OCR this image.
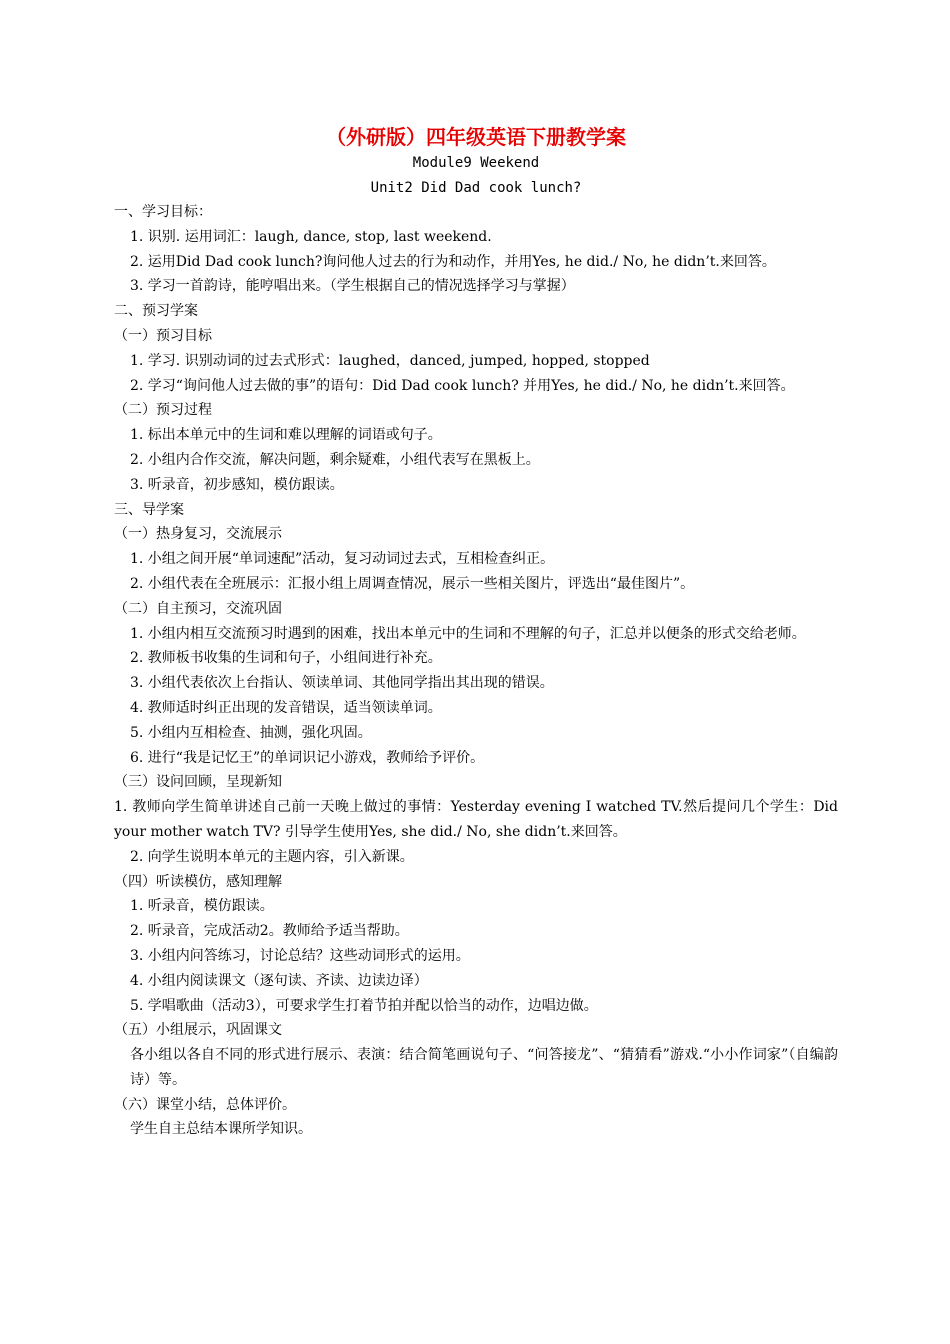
（外研版）四年级英语下册教学案

Module9 Weekend

Unit2 Did Dad cook lunch?

一、学习目标：

1. 识别. 运用词汇：laugh, dance, stop, last weekend.

2. 运用Did Dad cook lunch?询问他人过去的行为和动作，并用Yes, he did./ No, he didn’t.来回答。

3. 学习一首韵诗，能哼唱出来。（学生根据自己的情况选择学习与掌握）

二、预习学案

（一）预习目标

1. 学习. 识别动词的过去式形式：laughed，danced, jumped, hopped, stopped

2. 学习“询问他人过去做的事”的语句：Did Dad cook lunch? 并用Yes, he did./ No, he didn’t.来回答。

（二）预习过程

1. 标出本单元中的生词和难以理解的词语或句子。

2. 小组内合作交流，解决问题，剩余疑难，小组代表写在黑板上。

3. 听录音，初步感知，模仿跟读。

三、导学案

（一）热身复习，交流展示

1. 小组之间开展“单词速配”活动，复习动词过去式，互相检查纠正。

2. 小组代表在全班展示：汇报小组上周调查情况，展示一些相关图片，评选出“最佳图片”。

（二）自主预习，交流巩固

1. 小组内相互交流预习时遇到的困难，找出本单元中的生词和不理解的句子，汇总并以便条的形式交给老师。

2. 教师板书收集的生词和句子，小组间进行补充。

3. 小组代表依次上台指认、领读单词、其他同学指出其出现的错误。

4. 教师适时纠正出现的发音错误，适当领读单词。

5. 小组内互相检查、抽测，强化巩固。

6. 进行“我是记忆王”的单词识记小游戏，教师给予评价。

（三）设问回顾，呈现新知

1. 教师向学生简单讲述自己前一天晚上做过的事情：Yesterday evening I watched TV.然后提问几个学生：Did your mother watch TV? 引导学生使用Yes, she did./ No, she didn’t.来回答。

2. 向学生说明本单元的主题内容，引入新课。

（四）听读模仿，感知理解

1. 听录音，模仿跟读。

2. 听录音，完成活动2。教师给予适当帮助。

3. 小组内问答练习，讨论总结？这些动词形式的运用。

4. 小组内阅读课文（逐句读、齐读、边读边译）

5. 学唱歌曲（活动3），可要求学生打着节拍并配以恰当的动作，边唱边做。

（五）小组展示，巩固课文

各小组以各自不同的形式进行展示、表演：结合简笔画说句子、“问答接龙”、“猜猜看”游戏.“小小作词家”（自编韵诗）等。

（六）课堂小结，总体评价。

学生自主总结本课所学知识。
